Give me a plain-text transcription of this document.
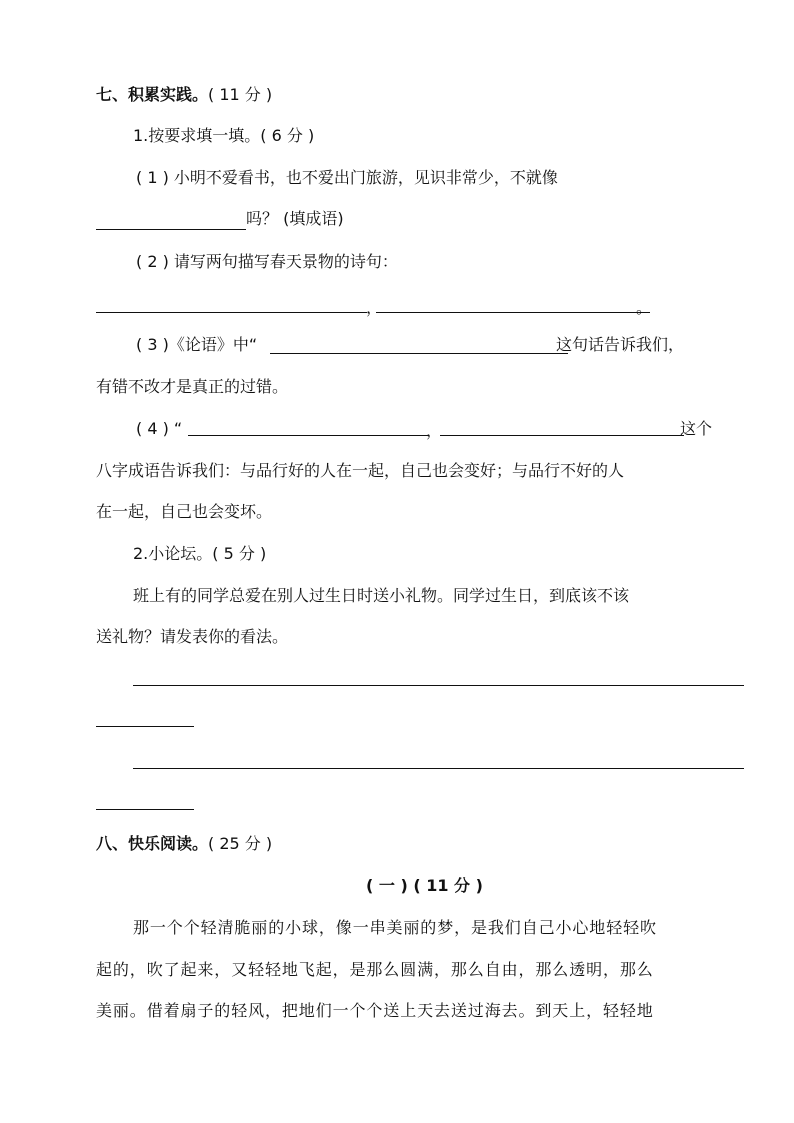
七、积累实践。( 11 分 )
1.按要求填一填。( 6 分 )
( 1 ) 小明不爱看书，也不爱出门旅游，见识非常少，不就像
吗？ (填成语)
( 2 ) 请写两句描写春天景物的诗句：
，	。
( 3 )《论语》中“	这句话告诉我们，
有错不改才是真正的过错。
( 4 ) “	，	这个
八字成语告诉我们：与品行好的人在一起，自己也会变好；与品行不好的人
在一起，自己也会变坏。
2.小论坛。( 5 分 )
班上有的同学总爱在别人过生日时送小礼物。同学过生日，到底该不该
送礼物？请发表你的看法。
八、快乐阅读。( 25 分 )
( 一 ) ( 11 分 )
那一个个轻清脆丽的小球，像一串美丽的梦，是我们自己小心地轻轻吹
起的，吹了起来，又轻轻地飞起，是那么圆满，那么自由，那么透明，那么
美丽。借着扇子的轻风，把地们一个个送上天去送过海去。到天上，轻轻地
